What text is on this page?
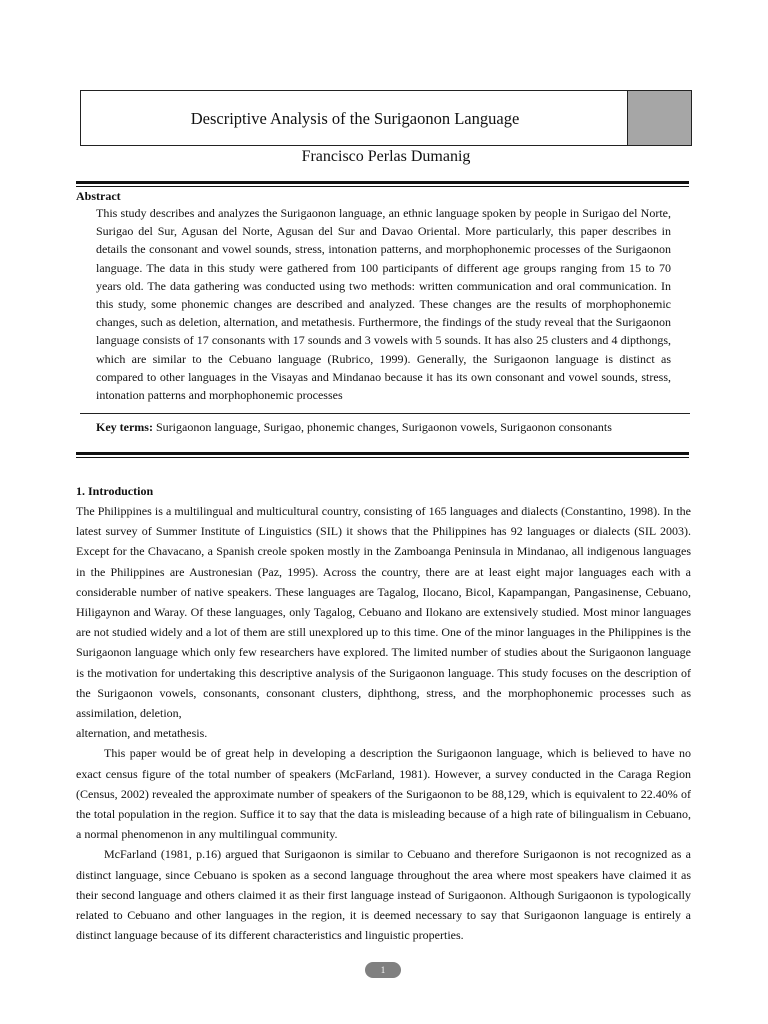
Descriptive Analysis of the Surigaonon Language
Francisco Perlas Dumanig
Abstract
This study describes and analyzes the Surigaonon language, an ethnic language spoken by people in Surigao del Norte, Surigao del Sur, Agusan del Norte, Agusan del Sur and Davao Oriental. More particularly, this paper describes in details the consonant and vowel sounds, stress, intonation patterns, and morphophonemic processes of the Surigaonon language. The data in this study were gathered from 100 participants of different age groups ranging from 15 to 70 years old. The data gathering was conducted using two methods: written communication and oral communication. In this study, some phonemic changes are described and analyzed. These changes are the results of morphophonemic changes, such as deletion, alternation, and metathesis. Furthermore, the findings of the study reveal that the Surigaonon language consists of 17 consonants with 17 sounds and 3 vowels with 5 sounds. It has also 25 clusters and 4 dipthongs, which are similar to the Cebuano language (Rubrico, 1999). Generally, the Surigaonon language is distinct as compared to other languages in the Visayas and Mindanao because it has its own consonant and vowel sounds, stress, intonation patterns and morphophonemic processes
Key terms: Surigaonon language, Surigao, phonemic changes, Surigaonon vowels, Surigaonon consonants
1. Introduction

The Philippines is a multilingual and multicultural country, consisting of 165 languages and dialects (Constantino, 1998). In the latest survey of Summer Institute of Linguistics (SIL) it shows that the Philippines has 92 languages or dialects (SIL 2003). Except for the Chavacano, a Spanish creole spoken mostly in the Zamboanga Peninsula in Mindanao, all indigenous languages in the Philippines are Austronesian (Paz, 1995). Across the country, there are at least eight major languages each with a considerable number of native speakers. These languages are Tagalog, Ilocano, Bicol, Kapampangan, Pangasinense, Cebuano, Hiligaynon and Waray. Of these languages, only Tagalog, Cebuano and Ilokano are extensively studied. Most minor languages are not studied widely and a lot of them are still unexplored up to this time. One of the minor languages in the Philippines is the Surigaonon language which only few researchers have explored. The limited number of studies about the Surigaonon language is the motivation for undertaking this descriptive analysis of the Surigaonon language. This study focuses on the description of the Surigaonon vowels, consonants, consonant clusters, diphthong, stress, and the morphophonemic processes such as assimilation, deletion,

alternation, and metathesis.

This paper would be of great help in developing a description the Surigaonon language, which is believed to have no exact census figure of the total number of speakers (McFarland, 1981). However, a survey conducted in the Caraga Region (Census, 2002) revealed the approximate number of speakers of the Surigaonon to be 88,129, which is equivalent to 22.40% of the total population in the region. Suffice it to say that the data is misleading because of a high rate of bilingualism in Cebuano, a normal phenomenon in any multilingual community.

McFarland (1981, p.16) argued that Surigaonon is similar to Cebuano and therefore Surigaonon is not recognized as a distinct language, since Cebuano is spoken as a second language throughout the area where most speakers have claimed it as their second language and others claimed it as their first language instead of Surigaonon. Although Surigaonon is typologically related to Cebuano and other languages in the region, it is deemed necessary to say that Surigaonon language is entirely a distinct language because of its different characteristics and linguistic properties.

1
